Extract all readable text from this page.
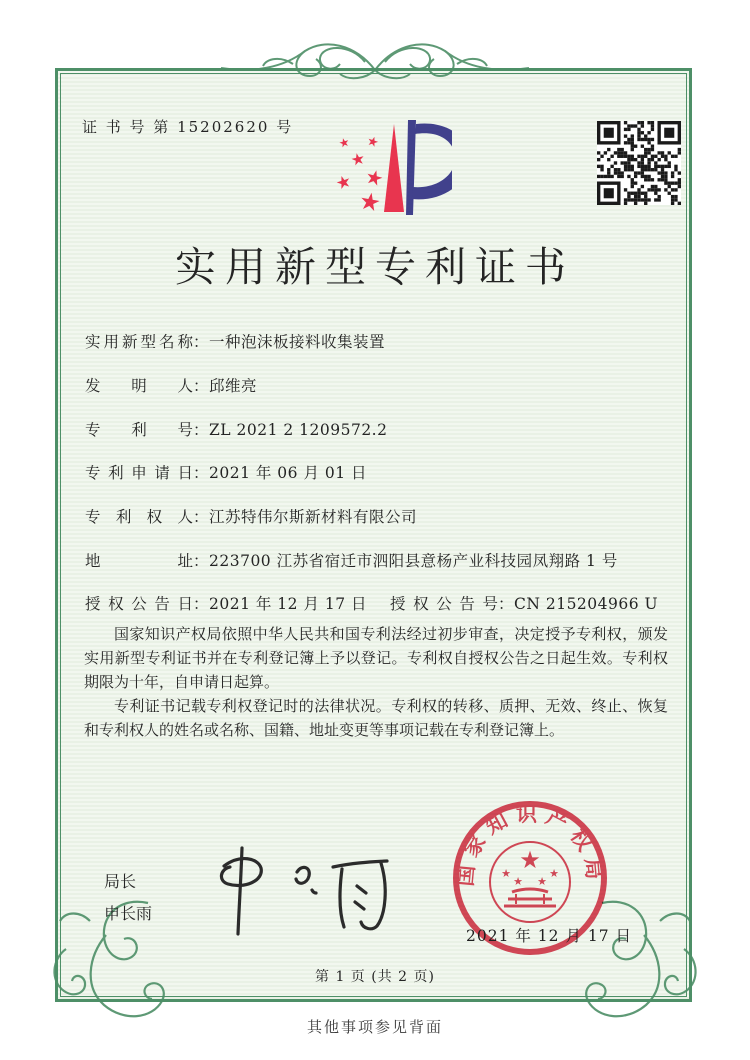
证 书 号 第 15202620 号
★ ★
★
★
★
★
实用新型专利证书
实用新型名称：一种泡沫板接料收集装置
发明人：邱维亮
专利号：ZL 2021 2 1209572.2
专利申请日：2021 年 06 月 01 日
专利权人：江苏特伟尔斯新材料有限公司
地址：223700 江苏省宿迁市泗阳县意杨产业科技园凤翔路 1 号
授权公告日：2021 年 12 月 17 日 授权公告号：CN 215204966 U

国家知识产权局依照中华人民共和国专利法经过初步审查，决定授予专利权，颁发实用新型专利证书并在专利登记簿上予以登记。专利权自授权公告之日起生效。专利权期限为十年，自申请日起算。

专利证书记载专利权登记时的法律状况。专利权的转移、质押、无效、终止、恢复和专利权人的姓名或名称、国籍、地址变更等事项记载在专利登记簿上。

局长
申长雨
国家知识产权局
★
★
★ ★
★
2021 年 12 月 17 日
第 1 页 (共 2 页)
其他事项参见背面
